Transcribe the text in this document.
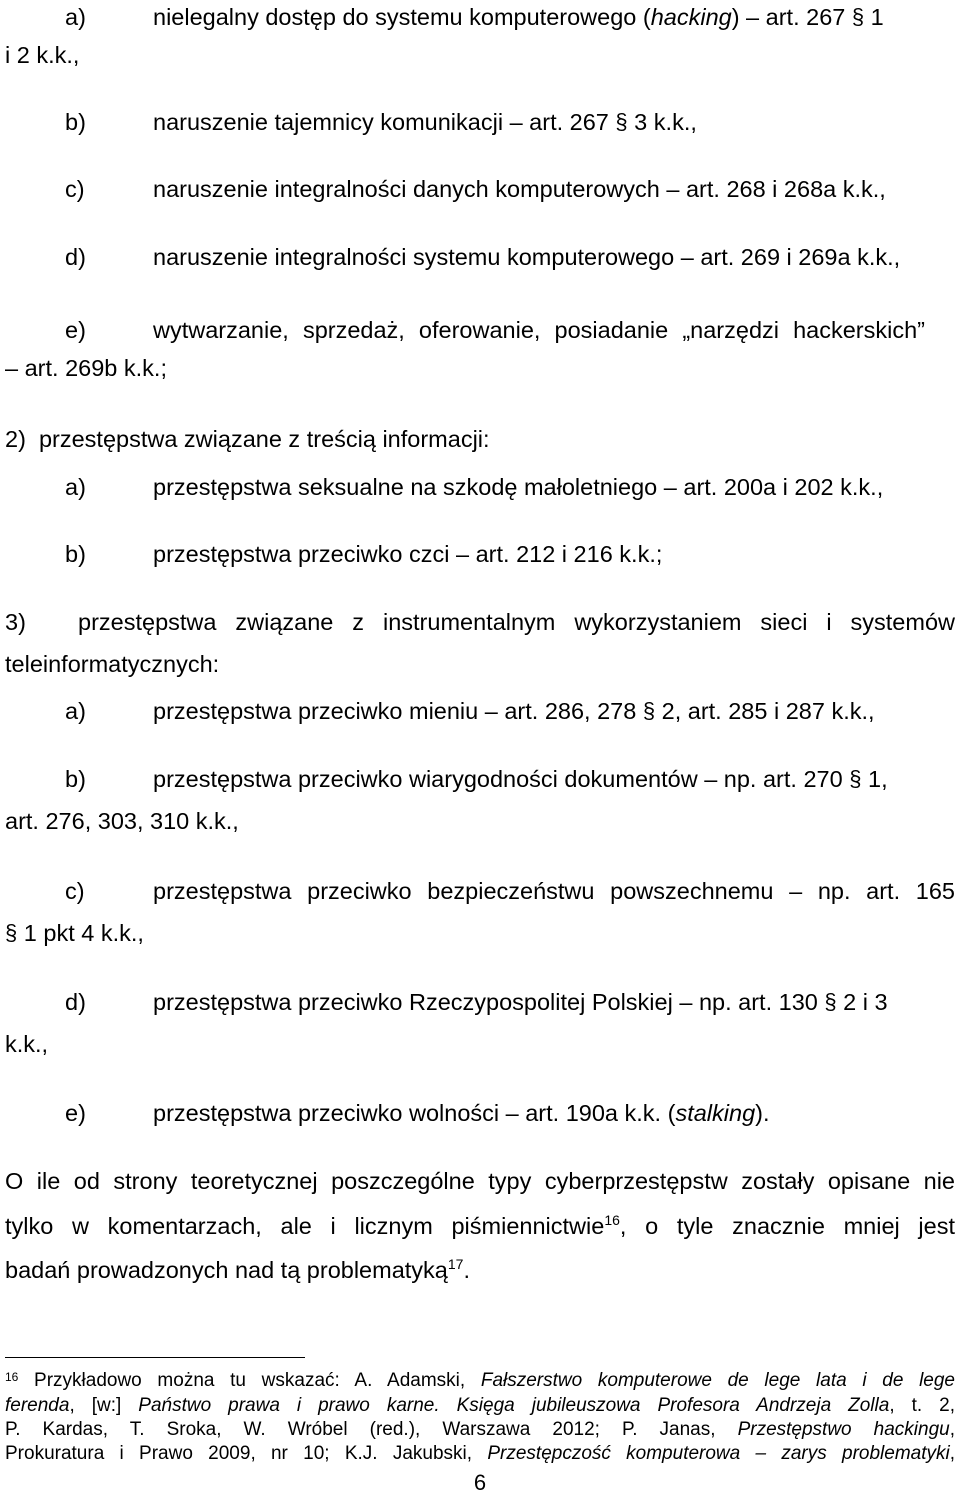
a)	nielegalny dostęp do systemu komputerowego (hacking) – art. 267 § 1
i 2 k.k.,
b)	naruszenie tajemnicy komunikacji – art. 267 § 3 k.k.,
c)	naruszenie integralności danych komputerowych – art. 268 i 268a k.k.,
d)	naruszenie integralności systemu komputerowego – art. 269 i 269a k.k.,
e)	wytwarzanie, sprzedaż, oferowanie, posiadanie „narzędzi hackerskich”
– art. 269b k.k.;
2)  przestępstwa związane z treścią informacji:
a)	przestępstwa seksualne na szkodę małoletniego – art. 200a i 202 k.k.,
b)	przestępstwa przeciwko czci – art. 212 i 216 k.k.;
3) przestępstwa związane z instrumentalnym wykorzystaniem sieci i systemów
teleinformatycznych:
a)	przestępstwa przeciwko mieniu – art. 286, 278 § 2, art. 285 i 287 k.k.,
b)	przestępstwa przeciwko wiarygodności dokumentów – np. art. 270 § 1,
art. 276, 303, 310 k.k.,
c)	przestępstwa przeciwko bezpieczeństwu powszechnemu – np. art. 165
§ 1 pkt 4 k.k.,
d)	przestępstwa przeciwko Rzeczypospolitej Polskiej – np. art. 130 § 2 i 3
k.k.,
e)	przestępstwa przeciwko wolności – art. 190a k.k. (stalking).
O ile od strony teoretycznej poszczególne typy cyberprzestępstw zostały opisane nie
tylko w komentarzach, ale i licznym piśmiennictwie$^{16}$, o tyle znacznie mniej jest
badań prowadzonych nad tą problematyką$^{17}$.
$^{16}$ Przykładowo można tu wskazać: A. Adamski, Fałszerstwo komputerowe de lege lata i de lege
ferenda, [w:] Państwo prawa i prawo karne. Księga jubileuszowa Profesora Andrzeja Zolla, t. 2,
P. Kardas, T. Sroka, W. Wróbel (red.), Warszawa 2012; P. Janas, Przestępstwo hackingu,
Prokuratura i Prawo 2009, nr 10; K.J. Jakubski, Przestępczość komputerowa – zarys problematyki,
6
